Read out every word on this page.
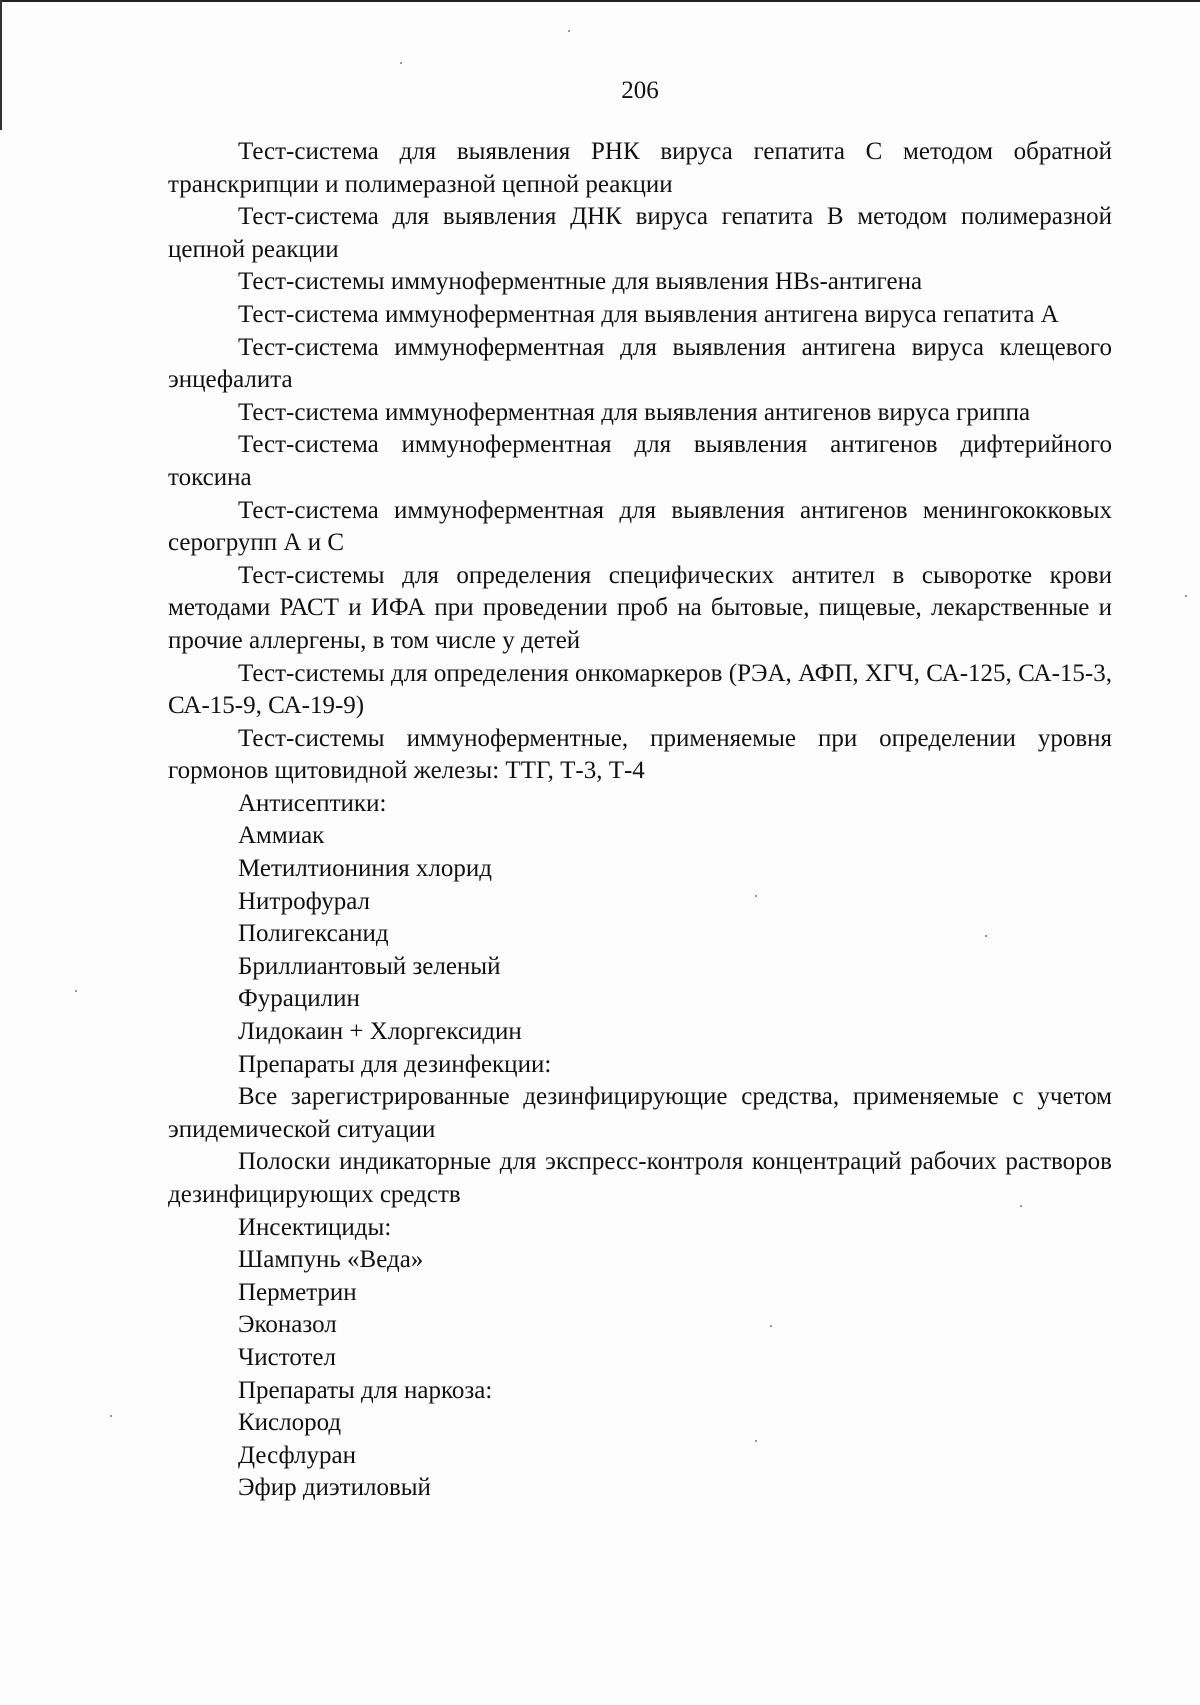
206

Тест-система для выявления РНК вируса гепатита С методом обратной транскрипции и полимеразной цепной реакции

Тест-система для выявления ДНК вируса гепатита В методом полимеразной цепной реакции

Тест-системы иммуноферментные для выявления HBs-антигена

Тест-система иммуноферментная для выявления антигена вируса гепатита А

Тест-система иммуноферментная для выявления антигена вируса клещевого энцефалита

Тест-система иммуноферментная для выявления антигенов вируса гриппа

Тест-система иммуноферментная для выявления антигенов дифтерийного токсина

Тест-система иммуноферментная для выявления антигенов менингококковых серогрупп А и С

Тест-системы для определения специфических антител в сыворотке крови методами РАСТ и ИФА при проведении проб на бытовые, пищевые, лекарственные и прочие аллергены, в том числе у детей

Тест-системы для определения онкомаркеров (РЭА, АФП, ХГЧ, СА-125, СА-15-3, СА-15-9, СА-19-9)

Тест-системы иммуноферментные, применяемые при определении уровня гормонов щитовидной железы: ТТГ, Т-3, Т-4

Антисептики:

Аммиак

Метилтиониния хлорид

Нитрофурал

Полигексанид

Бриллиантовый зеленый

Фурацилин

Лидокаин + Хлоргексидин

Препараты для дезинфекции:

Все зарегистрированные дезинфицирующие средства, применяемые с учетом эпидемической ситуации

Полоски индикаторные для экспресс-контроля концентраций рабочих растворов дезинфицирующих средств

Инсектициды:

Шампунь «Веда»

Перметрин

Эконазол

Чистотел

Препараты для наркоза:

Кислород

Десфлуран

Эфир диэтиловый
